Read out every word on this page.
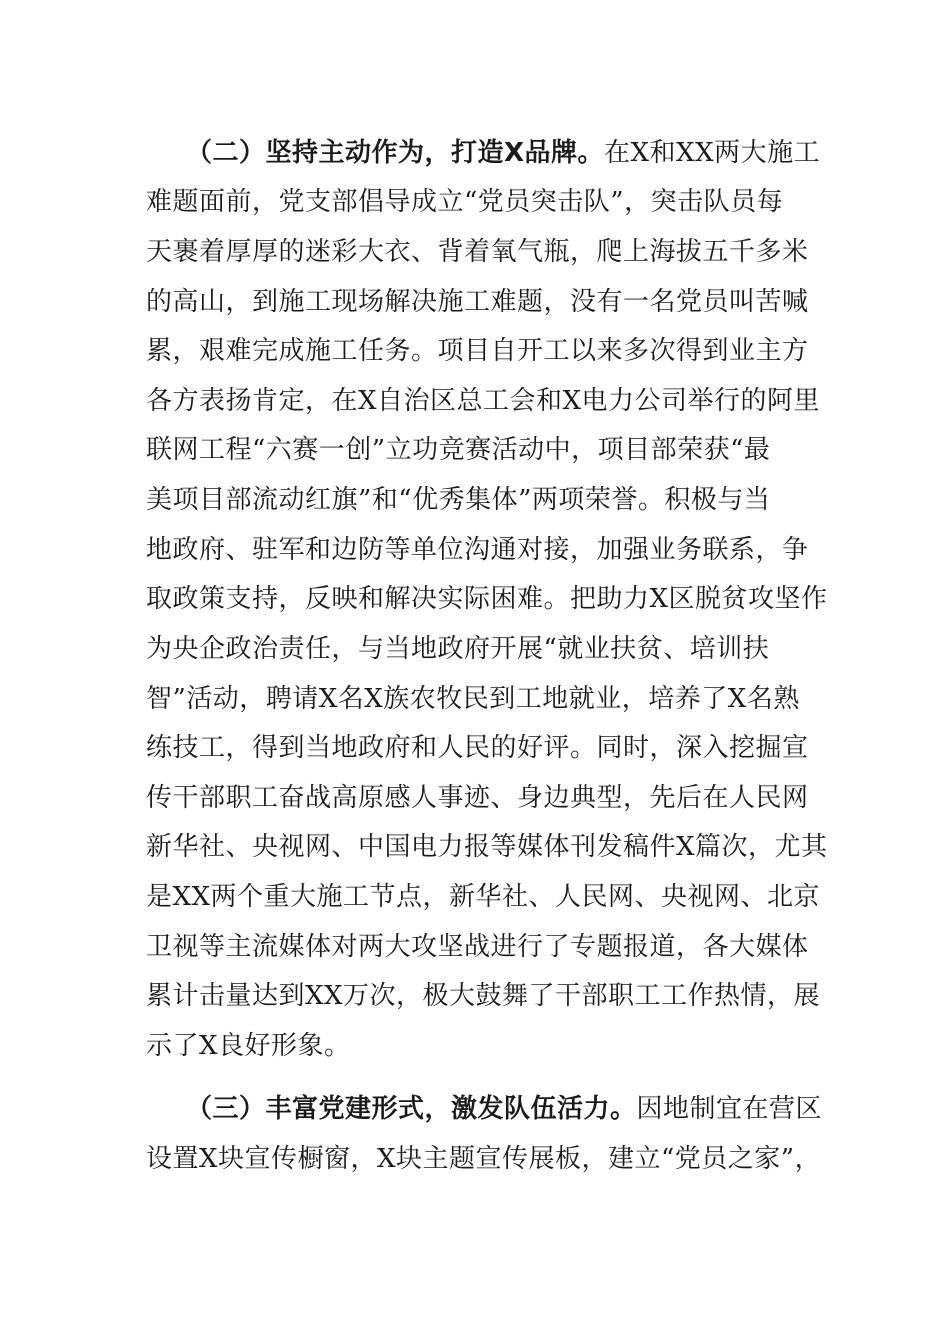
（二）坚持主动作为，打造X品牌。在X和XX两大施工
难题面前，党支部倡导成立“党员突击队”，突击队员每
天裹着厚厚的迷彩大衣、背着氧气瓶，爬上海拔五千多米
的高山，到施工现场解决施工难题，没有一名党员叫苦喊
累，艰难完成施工任务。项目自开工以来多次得到业主方
各方表扬肯定，在X自治区总工会和X电力公司举行的阿里
联网工程“六赛一创”立功竞赛活动中，项目部荣获“最
美项目部流动红旗”和“优秀集体”两项荣誉。积极与当
地政府、驻军和边防等单位沟通对接，加强业务联系，争
取政策支持，反映和解决实际困难。把助力X区脱贫攻坚作
为央企政治责任，与当地政府开展“就业扶贫、培训扶
智”活动，聘请X名X族农牧民到工地就业，培养了X名熟
练技工，得到当地政府和人民的好评。同时，深入挖掘宣
传干部职工奋战高原感人事迹、身边典型，先后在人民网
新华社、央视网、中国电力报等媒体刊发稿件X篇次，尤其
是XX两个重大施工节点，新华社、人民网、央视网、北京
卫视等主流媒体对两大攻坚战进行了专题报道，各大媒体
累计击量达到XX万次，极大鼓舞了干部职工工作热情，展
示了X良好形象。
（三）丰富党建形式，激发队伍活力。因地制宜在营区
设置X块宣传橱窗，X块主题宣传展板，建立“党员之家”，
